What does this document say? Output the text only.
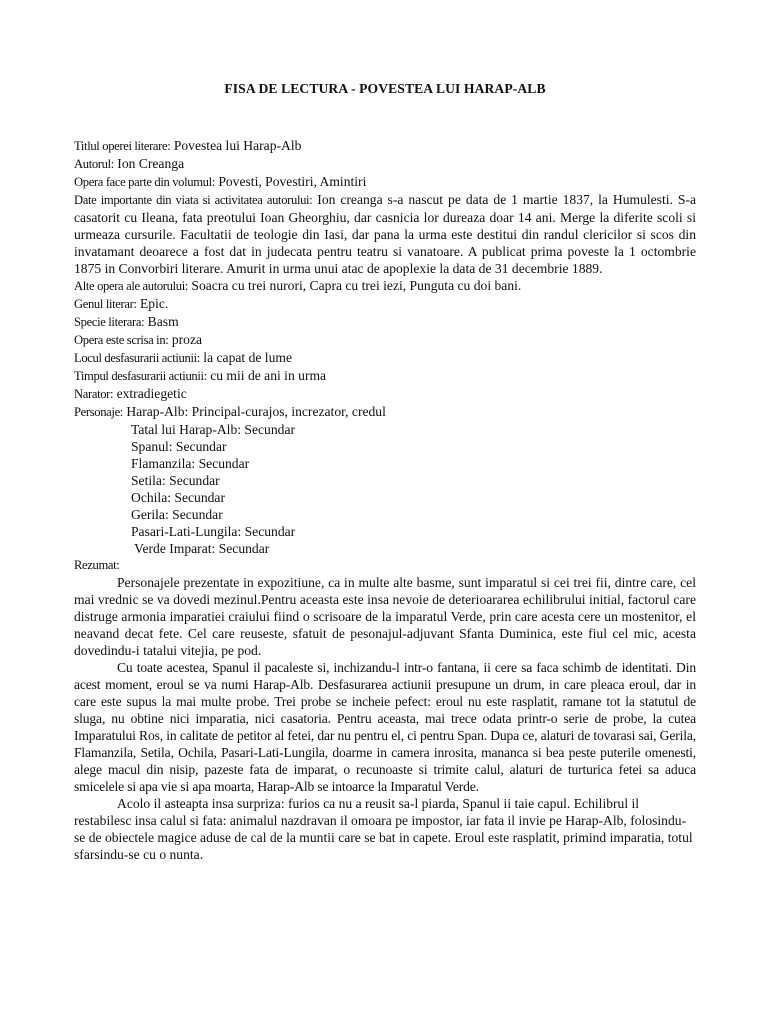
FISA DE LECTURA - POVESTEA LUI HARAP-ALB
Titlul operei literare: Povestea lui Harap-Alb
Autorul: Ion Creanga
Opera face parte din volumul: Povesti, Povestiri, Amintiri
Date importante din viata si activitatea autorului: Ion creanga s-a nascut pe data de 1 martie 1837, la Humulesti. S-a casatorit cu Ileana, fata preotului Ioan Gheorghiu, dar casnicia lor dureaza doar 14 ani. Merge la diferite scoli si urmeaza cursurile. Facultatii de teologie din Iasi, dar pana la urma este destitui din randul clericilor si scos din invatamant deoarece a fost dat in judecata pentru teatru si vanatoare. A publicat prima poveste la 1 octombrie 1875 in Convorbiri literare. Amurit in urma unui atac de apoplexie la data de 31 decembrie 1889.
Alte opera ale autorului: Soacra cu trei nurori, Capra cu trei iezi, Punguta cu doi bani.
Genul literar: Epic.
Specie literara: Basm
Opera este scrisa in: proza
Locul desfasurarii actiunii: la capat de lume
Timpul desfasurarii actiunii: cu mii de ani in urma
Narator: extradiegetic
Personaje: Harap-Alb: Principal-curajos, increzator, credul
Tatal lui Harap-Alb: Secundar
Spanul: Secundar
Flamanzila: Secundar
Setila: Secundar
Ochila: Secundar
Gerila: Secundar
Pasari-Lati-Lungila: Secundar
Verde Imparat: Secundar
Rezumat:

Personajele prezentate in expozitiune, ca in multe alte basme, sunt imparatul si cei trei fii, dintre care, cel mai vrednic se va dovedi mezinul.Pentru aceasta este insa nevoie de deterioararea echilibrului initial, factorul care distruge armonia imparatiei craiului fiind o scrisoare de la imparatul Verde, prin care acesta cere un mostenitor, el neavand decat fete. Cel care reuseste, sfatuit de pesonajul-adjuvant Sfanta Duminica, este fiul cel mic, acesta dovedindu-i tatalui vitejia, pe pod.

Cu toate acestea, Spanul il pacaleste si, inchizandu-l intr-o fantana, ii cere sa faca schimb de identitati. Din acest moment, eroul se va numi Harap-Alb. Desfasurarea actiunii presupune un drum, in care pleaca eroul, dar in care este supus la mai multe probe. Trei probe se incheie pefect: eroul nu este rasplatit, ramane tot la statutul de sluga, nu obtine nici imparatia, nici casatoria. Pentru aceasta, mai trece odata printr-o serie de probe, la cutea Imparatului Ros, in calitate de petitor al fetei, dar nu pentru el, ci pentru Span. Dupa ce, alaturi de tovarasi sai, Gerila, Flamanzila, Setila, Ochila, Pasari-Lati-Lungila, doarme in camera inrosita, mananca si bea peste puterile omenesti, alege macul din nisip, pazeste fata de imparat, o recunoaste si trimite calul, alaturi de turturica fetei sa aduca smicelele si apa vie si apa moarta, Harap-Alb se intoarce la Imparatul Verde.

Acolo il asteapta insa surpriza: furios ca nu a reusit sa-l piarda, Spanul ii taie capul. Echilibrul il restabilesc insa calul si fata: animalul nazdravan il omoara pe impostor, iar fata il invie pe Harap-Alb, folosindu-se de obiectele magice aduse de cal de la muntii care se bat in capete. Eroul este rasplatit, primind imparatia, totul sfarsindu-se cu o nunta.
